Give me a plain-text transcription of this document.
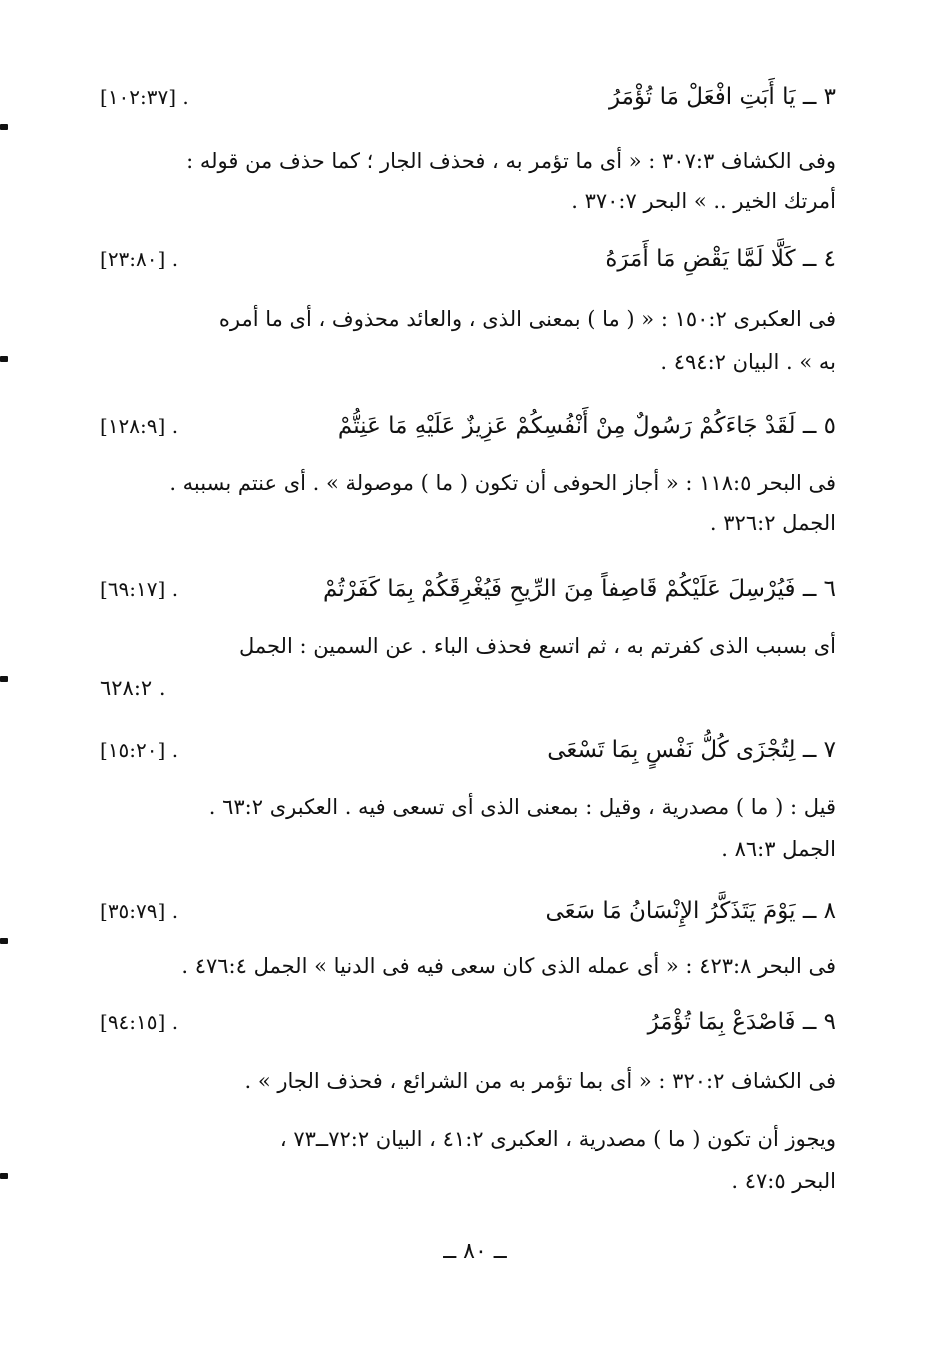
٣ ــ يَا أَبَتِ افْعَلْ مَا تُؤْمَرُ
[١٠٢:٣٧] .
وفى الكشاف ٣٠٧:٣ : « أى ما تؤمر به ، فحذف الجار ؛ كما حذف من قوله :
أمرتك الخير .. » البحر ٣٧٠:٧ .
٤ ــ كَلَّا لَمَّا يَقْضِ مَا أَمَرَهُ
[٢٣:٨٠] .
فى العكبرى ١٥٠:٢ : « ( ما ) بمعنى الذى ، والعائد محذوف ، أى ما أمره
به » . البيان ٤٩٤:٢ .
٥ ــ لَقَدْ جَاءَكُمْ رَسُولٌ مِنْ أَنْفُسِكُمْ عَزِيزٌ عَلَيْهِ مَا عَنِتُّمْ
[١٢٨:٩] .
فى البحر ١١٨:٥ : « أجاز الحوفى أن تكون ( ما ) موصولة » . أى عنتم بسببه .
الجمل ٣٢٦:٢ .
٦ ــ فَيُرْسِلَ عَلَيْكُمْ قَاصِفاً مِنَ الرِّيحِ فَيُغْرِقَكُمْ بِمَا كَفَرْتُمْ
[٦٩:١٧] .
أى بسبب الذى كفرتم به ، ثم اتسع فحذف الباء . عن السمين : الجمل
٦٢٨:٢ .
٧ ــ لِتُجْزَى كُلُّ نَفْسٍ بِمَا تَسْعَى
[١٥:٢٠] .
قيل : ( ما ) مصدرية ، وقيل : بمعنى الذى أى تسعى فيه . العكبرى ٦٣:٢ .
الجمل ٨٦:٣ .
٨ ــ يَوْمَ يَتَذَكَّرُ الإِنْسَانُ مَا سَعَى
[٣٥:٧٩] .
فى البحر ٤٢٣:٨ : « أى عمله الذى كان سعى فيه فى الدنيا » الجمل ٤٧٦:٤ .
٩ ــ فَاصْدَعْ بِمَا تُؤْمَرُ
[٩٤:١٥] .
فى الكشاف ٣٢٠:٢ : « أى بما تؤمر به من الشرائع ، فحذف الجار » .
ويجوز أن تكون ( ما ) مصدرية ، العكبرى ٤١:٢ ، البيان ٧٢:٢ــ٧٣ ،
البحر ٤٧:٥ .
ــ ٨٠ ــ
